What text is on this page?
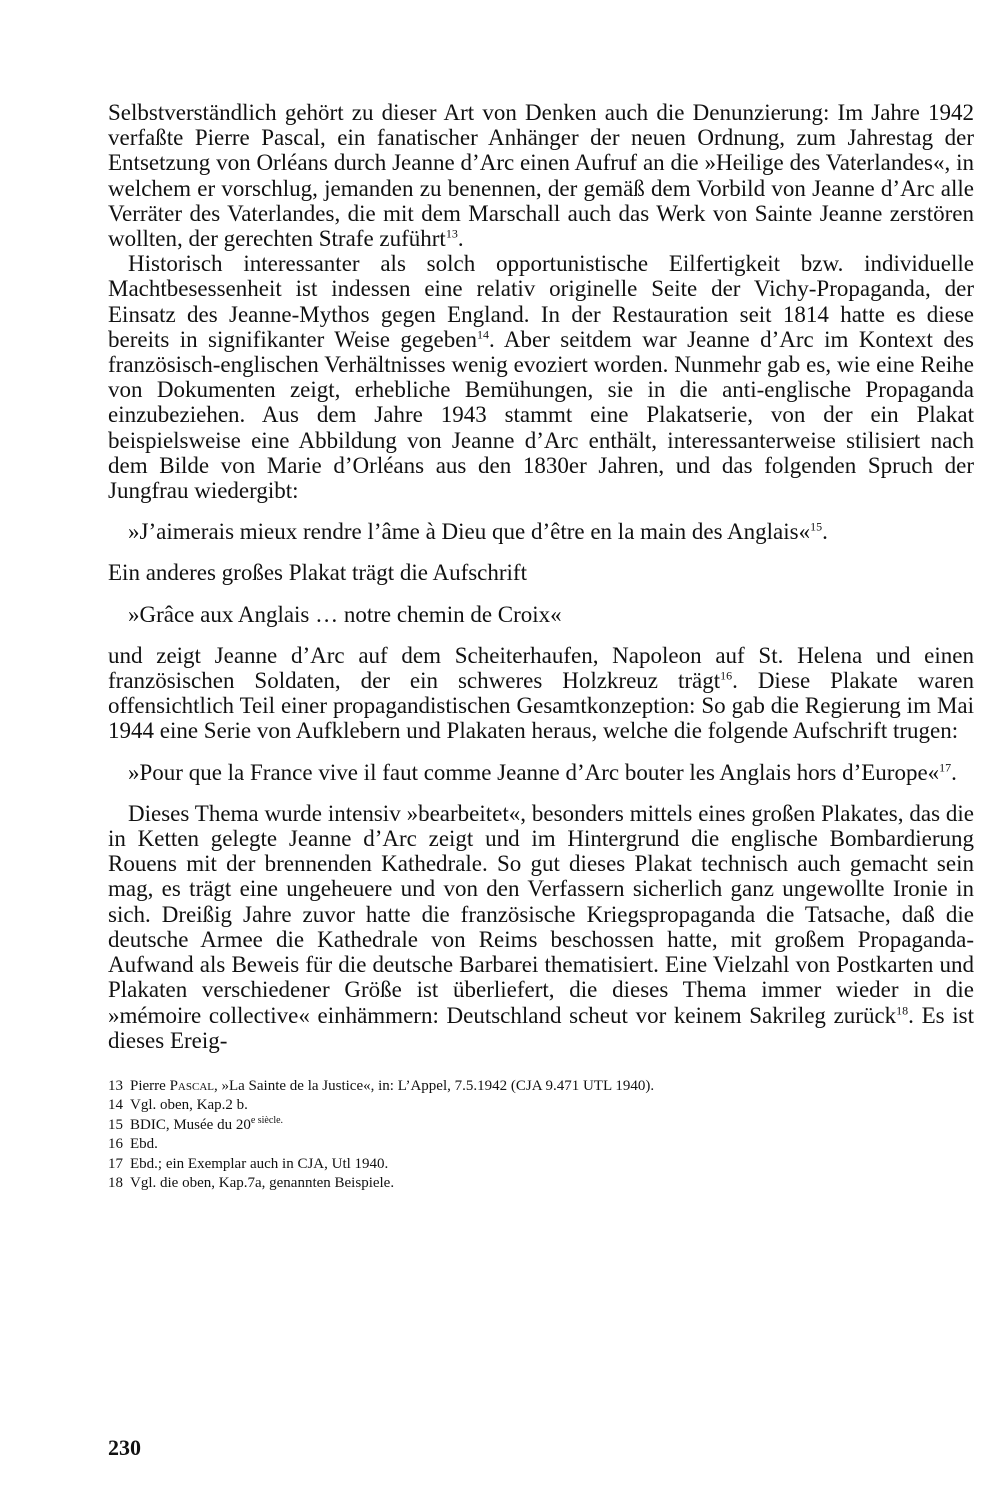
Selbstverständlich gehört zu dieser Art von Denken auch die Denunzierung: Im Jahre 1942 verfaßte Pierre Pascal, ein fanatischer Anhänger der neuen Ordnung, zum Jahrestag der Entsetzung von Orléans durch Jeanne d’Arc einen Aufruf an die »Heilige des Vaterlandes«, in welchem er vorschlug, jemanden zu benennen, der gemäß dem Vorbild von Jeanne d’Arc alle Verräter des Vaterlandes, die mit dem Marschall auch das Werk von Sainte Jeanne zerstören wollten, der gerechten Strafe zuführt$^{13}$.

Historisch interessanter als solch opportunistische Eilfertigkeit bzw. individuelle Machtbesessenheit ist indessen eine relativ originelle Seite der Vichy-Propaganda, der Einsatz des Jeanne-Mythos gegen England. In der Restauration seit 1814 hatte es diese bereits in signifikanter Weise gegeben$^{14}$. Aber seitdem war Jeanne d’Arc im Kontext des französisch-englischen Verhältnisses wenig evoziert worden. Nunmehr gab es, wie eine Reihe von Dokumenten zeigt, erhebliche Bemühungen, sie in die anti-englische Propaganda einzubeziehen. Aus dem Jahre 1943 stammt eine Plakatserie, von der ein Plakat beispielsweise eine Abbildung von Jeanne d’Arc enthält, interessanterweise stilisiert nach dem Bilde von Marie d’Orléans aus den 1830er Jahren, und das folgenden Spruch der Jungfrau wiedergibt:

»J’aimerais mieux rendre l’âme à Dieu que d’être en la main des Anglais«$^{15}$.

Ein anderes großes Plakat trägt die Aufschrift

»Grâce aux Anglais … notre chemin de Croix«

und zeigt Jeanne d’Arc auf dem Scheiterhaufen, Napoleon auf St. Helena und einen französischen Soldaten, der ein schweres Holzkreuz trägt$^{16}$. Diese Plakate waren offensichtlich Teil einer propagandistischen Gesamtkonzeption: So gab die Regierung im Mai 1944 eine Serie von Aufklebern und Plakaten heraus, welche die folgende Aufschrift trugen:

»Pour que la France vive il faut comme Jeanne d’Arc bouter les Anglais hors d’Europe«$^{17}$.

Dieses Thema wurde intensiv »bearbeitet«, besonders mittels eines großen Plakates, das die in Ketten gelegte Jeanne d’Arc zeigt und im Hintergrund die englische Bombardierung Rouens mit der brennenden Kathedrale. So gut dieses Plakat technisch auch gemacht sein mag, es trägt eine ungeheuere und von den Verfassern sicherlich ganz ungewollte Ironie in sich. Dreißig Jahre zuvor hatte die französische Kriegspropaganda die Tatsache, daß die deutsche Armee die Kathedrale von Reims beschossen hatte, mit großem Propaganda-Aufwand als Beweis für die deutsche Barbarei thematisiert. Eine Vielzahl von Postkarten und Plakaten verschiedener Größe ist überliefert, die dieses Thema immer wieder in die »mémoire collective« einhämmern: Deutschland scheut vor keinem Sakrileg zurück$^{18}$. Es ist dieses Ereig-

13 Pierre Pascal, »La Sainte de la Justice«, in: L’Appel, 7.5.1942 (CJA 9.471 UTL 1940).

14 Vgl. oben, Kap.2 b.

15 BDIC, Musée du $20^{e siècle.}$

16 Ebd.

17 Ebd.; ein Exemplar auch in CJA, Utl 1940.

18 Vgl. die oben, Kap.7a, genannten Beispiele.

230
